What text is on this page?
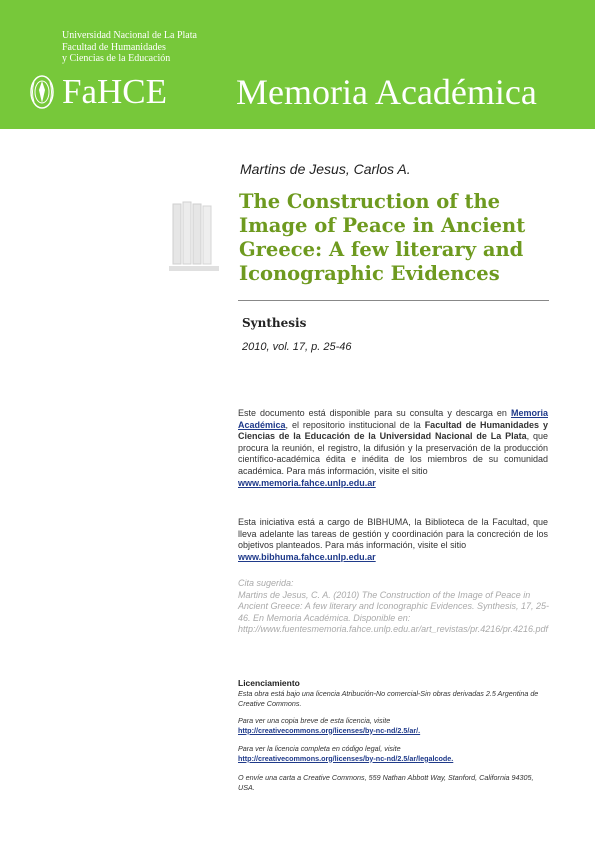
Universidad Nacional de La Plata
Facultad de Humanidades
y Ciencias de la Educación
FaHCE Memoria Académica
Martins de Jesus, Carlos A.
The Construction of the
Image of Peace in Ancient
Greece: A few literary and
Iconographic Evidences
Synthesis
2010, vol. 17, p. 25-46
Este documento está disponible para su consulta y descarga en Memoria Académica, el repositorio institucional de la Facultad de Humanidades y Ciencias de la Educación de la Universidad Nacional de La Plata, que procura la reunión, el registro, la difusión y la preservación de la producción científico-académica édita e inédita de los miembros de su comunidad académica. Para más información, visite el sitio
www.memoria.fahce.unlp.edu.ar
Esta iniciativa está a cargo de BIBHUMA, la Biblioteca de la Facultad, que lleva adelante las tareas de gestión y coordinación para la concreción de los objetivos planteados. Para más información, visite el sitio
www.bibhuma.fahce.unlp.edu.ar
Cita sugerida:
Martins de Jesus, C. A. (2010) The Construction of the Image of Peace in Ancient Greece: A few literary and Iconographic Evidences. Synthesis, 17, 25-46. En Memoria Académica. Disponible en:
http://www.fuentesmemoria.fahce.unlp.edu.ar/art_revistas/pr.4216/pr.4216.pdf
Licenciamiento
Esta obra está bajo una licencia Atribución-No comercial-Sin obras derivadas 2.5 Argentina de Creative Commons.
Para ver una copia breve de esta licencia, visite
http://creativecommons.org/licenses/by-nc-nd/2.5/ar/.
Para ver la licencia completa en código legal, visite
http://creativecommons.org/licenses/by-nc-nd/2.5/ar/legalcode.
O envíe una carta a Creative Commons, 559 Nathan Abbott Way, Stanford, California 94305, USA.
